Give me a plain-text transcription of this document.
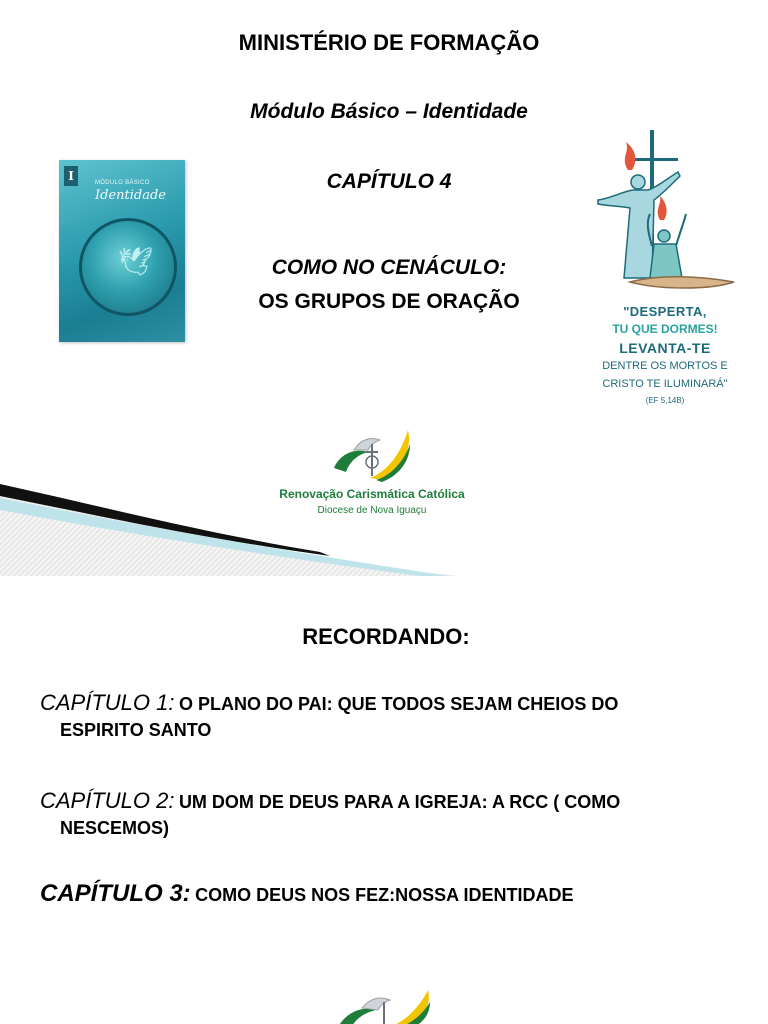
MINISTÉRIO DE FORMAÇÃO
Módulo Básico – Identidade
CAPÍTULO 4
COMO NO CENÁCULO:
OS GRUPOS DE ORAÇÃO
I	MÓDULO BÁSICO
Identidade
🕊
"DESPERTA,
TU QUE DORMES!
LEVANTA-TE
DENTRE OS MORTOS E
CRISTO TE ILUMINARÁ"
(EF 5,14B)
Renovação Carismática Católica
Diocese de Nova Iguaçu
RECORDANDO:
CAPÍTULO 1: O PLANO DO PAI: QUE TODOS SEJAM CHEIOS DO
ESPIRITO SANTO
CAPÍTULO 2: UM DOM DE DEUS PARA A IGREJA: A RCC ( COMO
NESCEMOS)
CAPÍTULO 3: COMO DEUS NOS FEZ:NOSSA IDENTIDADE
